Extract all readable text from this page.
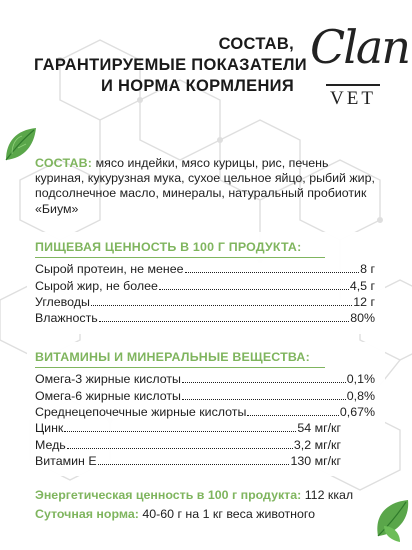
СОСТАВ,
ГАРАНТИРУЕМЫЕ ПОКАЗАТЕЛИ
И НОРМА КОРМЛЕНИЯ
Clan
VET
СОСТАВ: мясо индейки, мясо курицы, рис, печень куриная, кукурузная мука, сухое цельное яйцо, рыбий жир, подсолнечное масло, минералы, натуральный пробиотик «Биум»
ПИЩЕВАЯ ЦЕННОСТЬ В 100 Г ПРОДУКТА:
Сырой протеин, не менее	8 г
Сырой жир, не более	4,5 г
Углеводы	12 г
Влажность	80%
ВИТАМИНЫ И МИНЕРАЛЬНЫЕ ВЕЩЕСТВА:
Омега-3 жирные кислоты	0,1%
Омега-6 жирные кислоты	0,8%
Среднецепочечные жирные кислоты	0,67%
Цинк	54 мг/кг
Медь	3,2 мг/кг
Витамин Е	130 мг/кг
Энергетическая ценность в 100 г продукта: 112 ккал
Суточная норма: 40-60 г на 1 кг веса животного
